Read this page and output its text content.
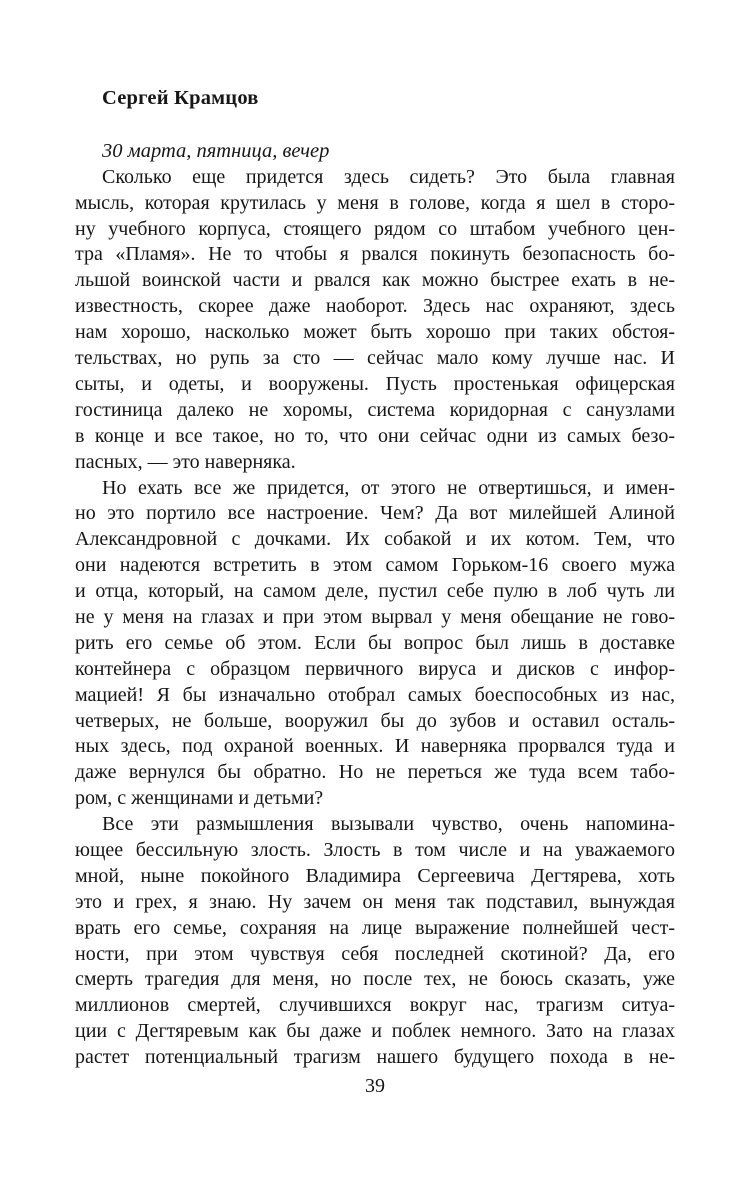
Сергей Крамцов
30 марта, пятница, вечер

Сколько еще придется здесь сидеть? Это была главная
мысль, которая крутилась у меня в голове, когда я шел в сторо-
ну учебного корпуса, стоящего рядом со штабом учебного цен-
тра «Пламя». Не то чтобы я рвался покинуть безопасность бо-
льшой воинской части и рвался как можно быстрее ехать в не-
известность, скорее даже наоборот. Здесь нас охраняют, здесь
нам хорошо, насколько может быть хорошо при таких обстоя-
тельствах, но рупь за сто — сейчас мало кому лучше нас. И
сыты, и одеты, и вооружены. Пусть простенькая офицерская
гостиница далеко не хоромы, система коридорная с санузлами
в конце и все такое, но то, что они сейчас одни из самых безо-
пасных, — это наверняка.

Но ехать все же придется, от этого не отвертишься, и имен-
но это портило все настроение. Чем? Да вот милейшей Алиной
Александровной с дочками. Их собакой и их котом. Тем, что
они надеются встретить в этом самом Горьком-16 своего мужа
и отца, который, на самом деле, пустил себе пулю в лоб чуть ли
не у меня на глазах и при этом вырвал у меня обещание не гово-
рить его семье об этом. Если бы вопрос был лишь в доставке
контейнера с образцом первичного вируса и дисков с инфор-
мацией! Я бы изначально отобрал самых боеспособных из нас,
четверых, не больше, вооружил бы до зубов и оставил осталь-
ных здесь, под охраной военных. И наверняка прорвался туда и
даже вернулся бы обратно. Но не переться же туда всем табо-
ром, с женщинами и детьми?

Все эти размышления вызывали чувство, очень напомина-
ющее бессильную злость. Злость в том числе и на уважаемого
мной, ныне покойного Владимира Сергеевича Дегтярева, хоть
это и грех, я знаю. Ну зачем он меня так подставил, вынуждая
врать его семье, сохраняя на лице выражение полнейшей чест-
ности, при этом чувствуя себя последней скотиной? Да, его
смерть трагедия для меня, но после тех, не боюсь сказать, уже
миллионов смертей, случившихся вокруг нас, трагизм ситуа-
ции с Дегтяревым как бы даже и поблек немного. Зато на глазах
растет потенциальный трагизм нашего будущего похода в не-

39
